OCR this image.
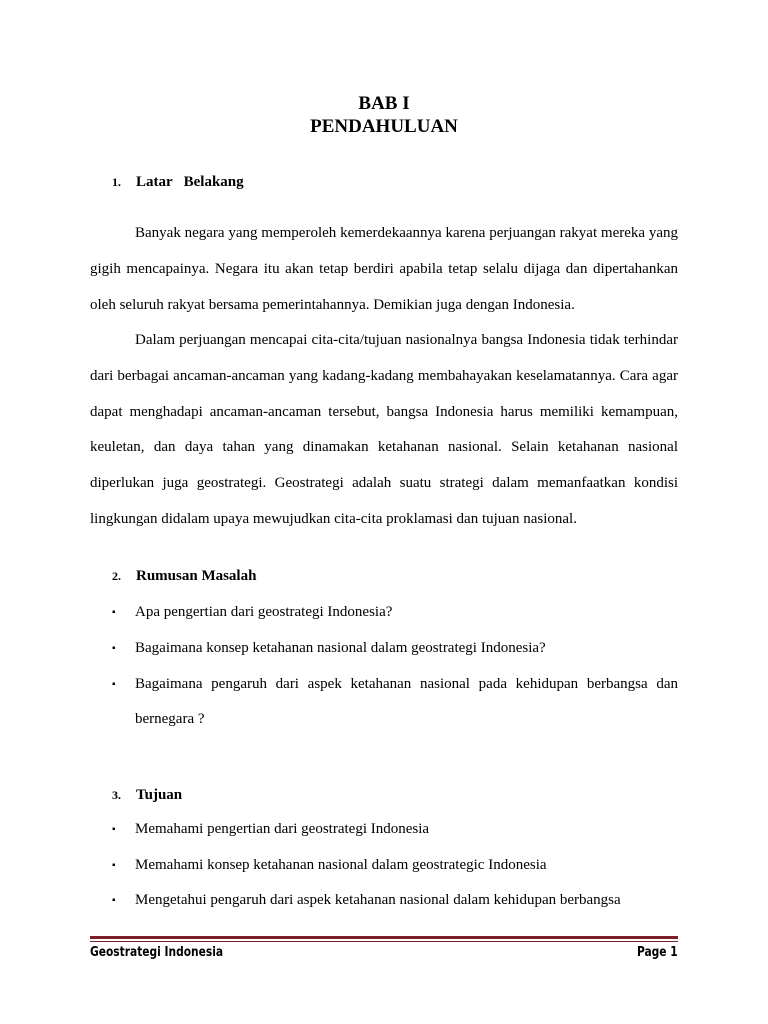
BAB I
PENDAHULUAN
1. Latar   Belakang

Banyak negara yang memperoleh kemerdekaannya karena perjuangan rakyat mereka yang gigih mencapainya. Negara itu akan tetap berdiri apabila tetap selalu dijaga dan dipertahankan oleh seluruh rakyat bersama pemerintahannya. Demikian juga dengan Indonesia.

Dalam perjuangan mencapai cita-cita/tujuan nasionalnya bangsa Indonesia tidak terhindar dari berbagai ancaman-ancaman yang kadang-kadang membahayakan keselamatannya. Cara agar dapat menghadapi ancaman-ancaman tersebut, bangsa Indonesia harus memiliki kemampuan, keuletan, dan daya tahan yang dinamakan ketahanan nasional. Selain ketahanan nasional diperlukan juga geostrategi. Geostrategi adalah suatu strategi dalam memanfaatkan kondisi lingkungan didalam upaya mewujudkan cita-cita proklamasi dan tujuan nasional.

2. Rumusan Masalah
▪ Apa pengertian dari geostrategi Indonesia?
▪ Bagaimana konsep ketahanan nasional dalam geostrategi Indonesia?
▪ Bagaimana pengaruh dari aspek ketahanan nasional pada kehidupan berbangsa dan bernegara ?
3. Tujuan
▪ Memahami pengertian dari geostrategi Indonesia
▪ Memahami konsep ketahanan nasional dalam geostrategic Indonesia
▪ Mengetahui pengaruh dari aspek ketahanan nasional dalam kehidupan berbangsa
Geostrategi Indonesia	Page 1
